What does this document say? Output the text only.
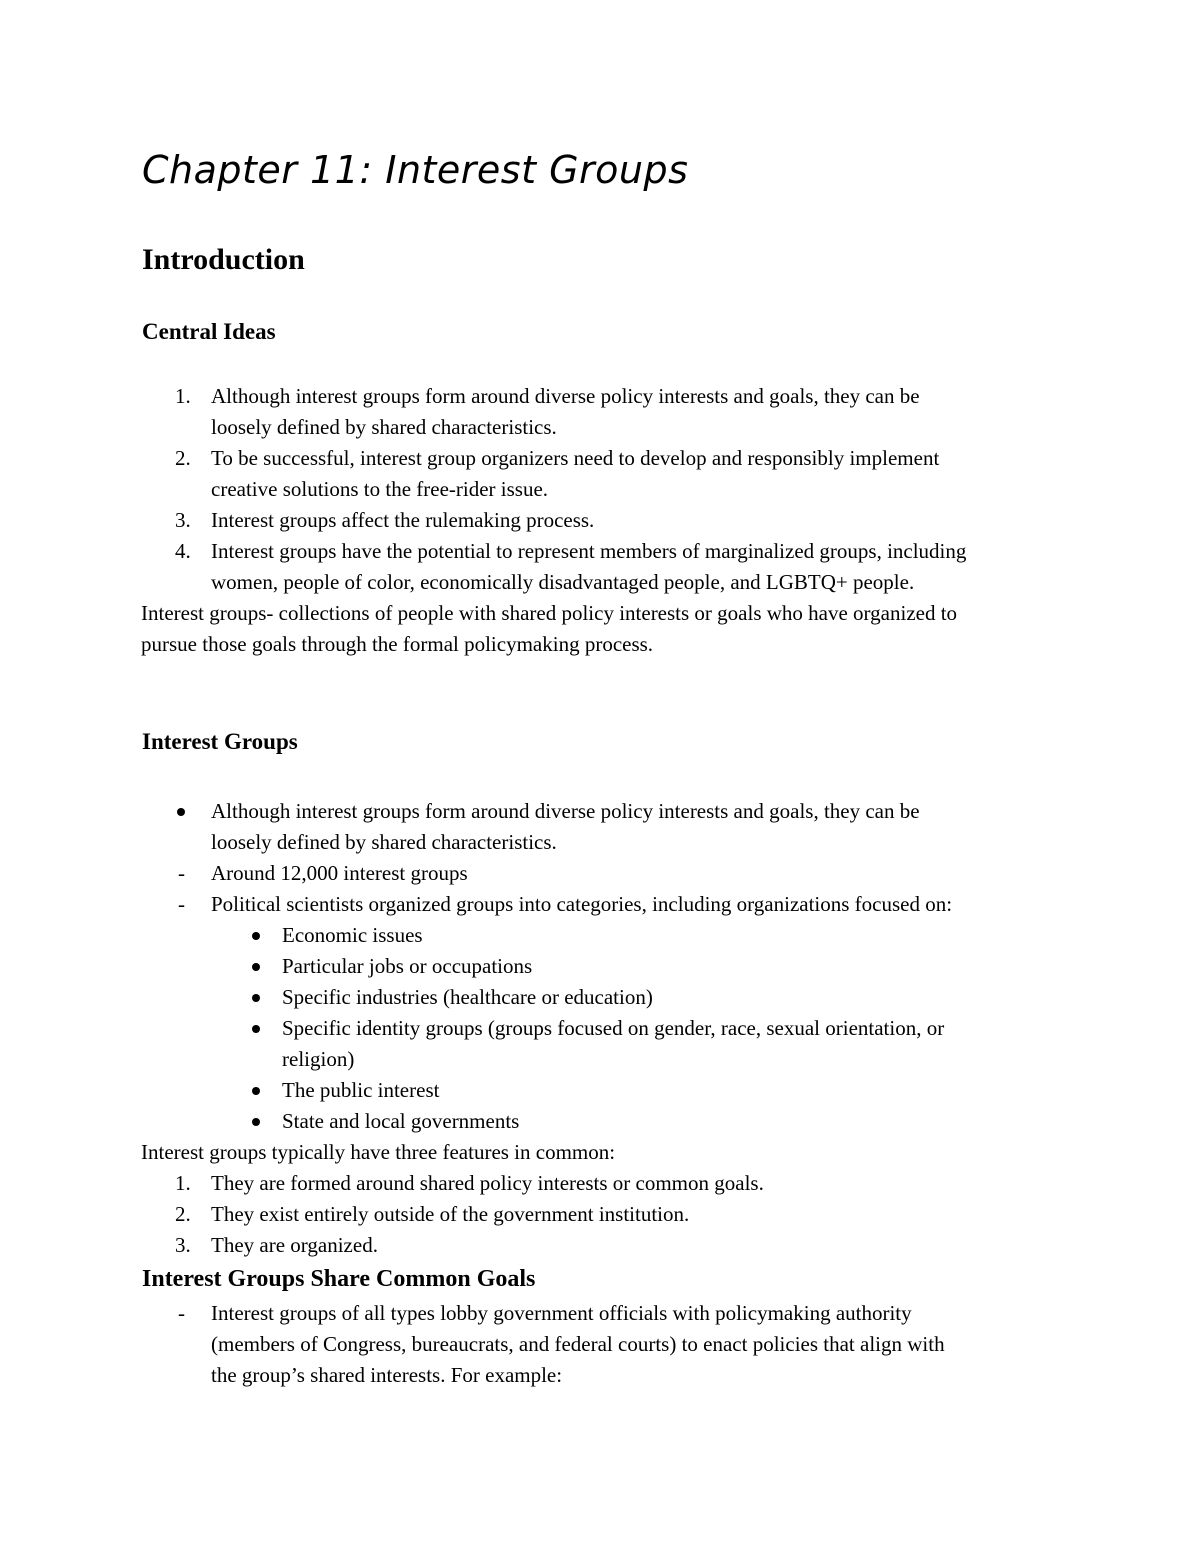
Chapter 11: Interest Groups
Introduction
Central Ideas
1. Although interest groups form around diverse policy interests and goals, they can be
loosely defined by shared characteristics.
2. To be successful, interest group organizers need to develop and responsibly implement
creative solutions to the free-rider issue.
3. Interest groups affect the rulemaking process.
4. Interest groups have the potential to represent members of marginalized groups, including
women, people of color, economically disadvantaged people, and LGBTQ+ people.
Interest groups- collections of people with shared policy interests or goals who have organized to
pursue those goals through the formal policymaking process.
Interest Groups
Although interest groups form around diverse policy interests and goals, they can be
loosely defined by shared characteristics.
- Around 12,000 interest groups
- Political scientists organized groups into categories, including organizations focused on:
Economic issues
Particular jobs or occupations
Specific industries (healthcare or education)
Specific identity groups (groups focused on gender, race, sexual orientation, or
religion)
The public interest
State and local governments
Interest groups typically have three features in common:
1. They are formed around shared policy interests or common goals.
2. They exist entirely outside of the government institution.
3. They are organized.
Interest Groups Share Common Goals
- Interest groups of all types lobby government officials with policymaking authority
(members of Congress, bureaucrats, and federal courts) to enact policies that align with
the group’s shared interests. For example:
